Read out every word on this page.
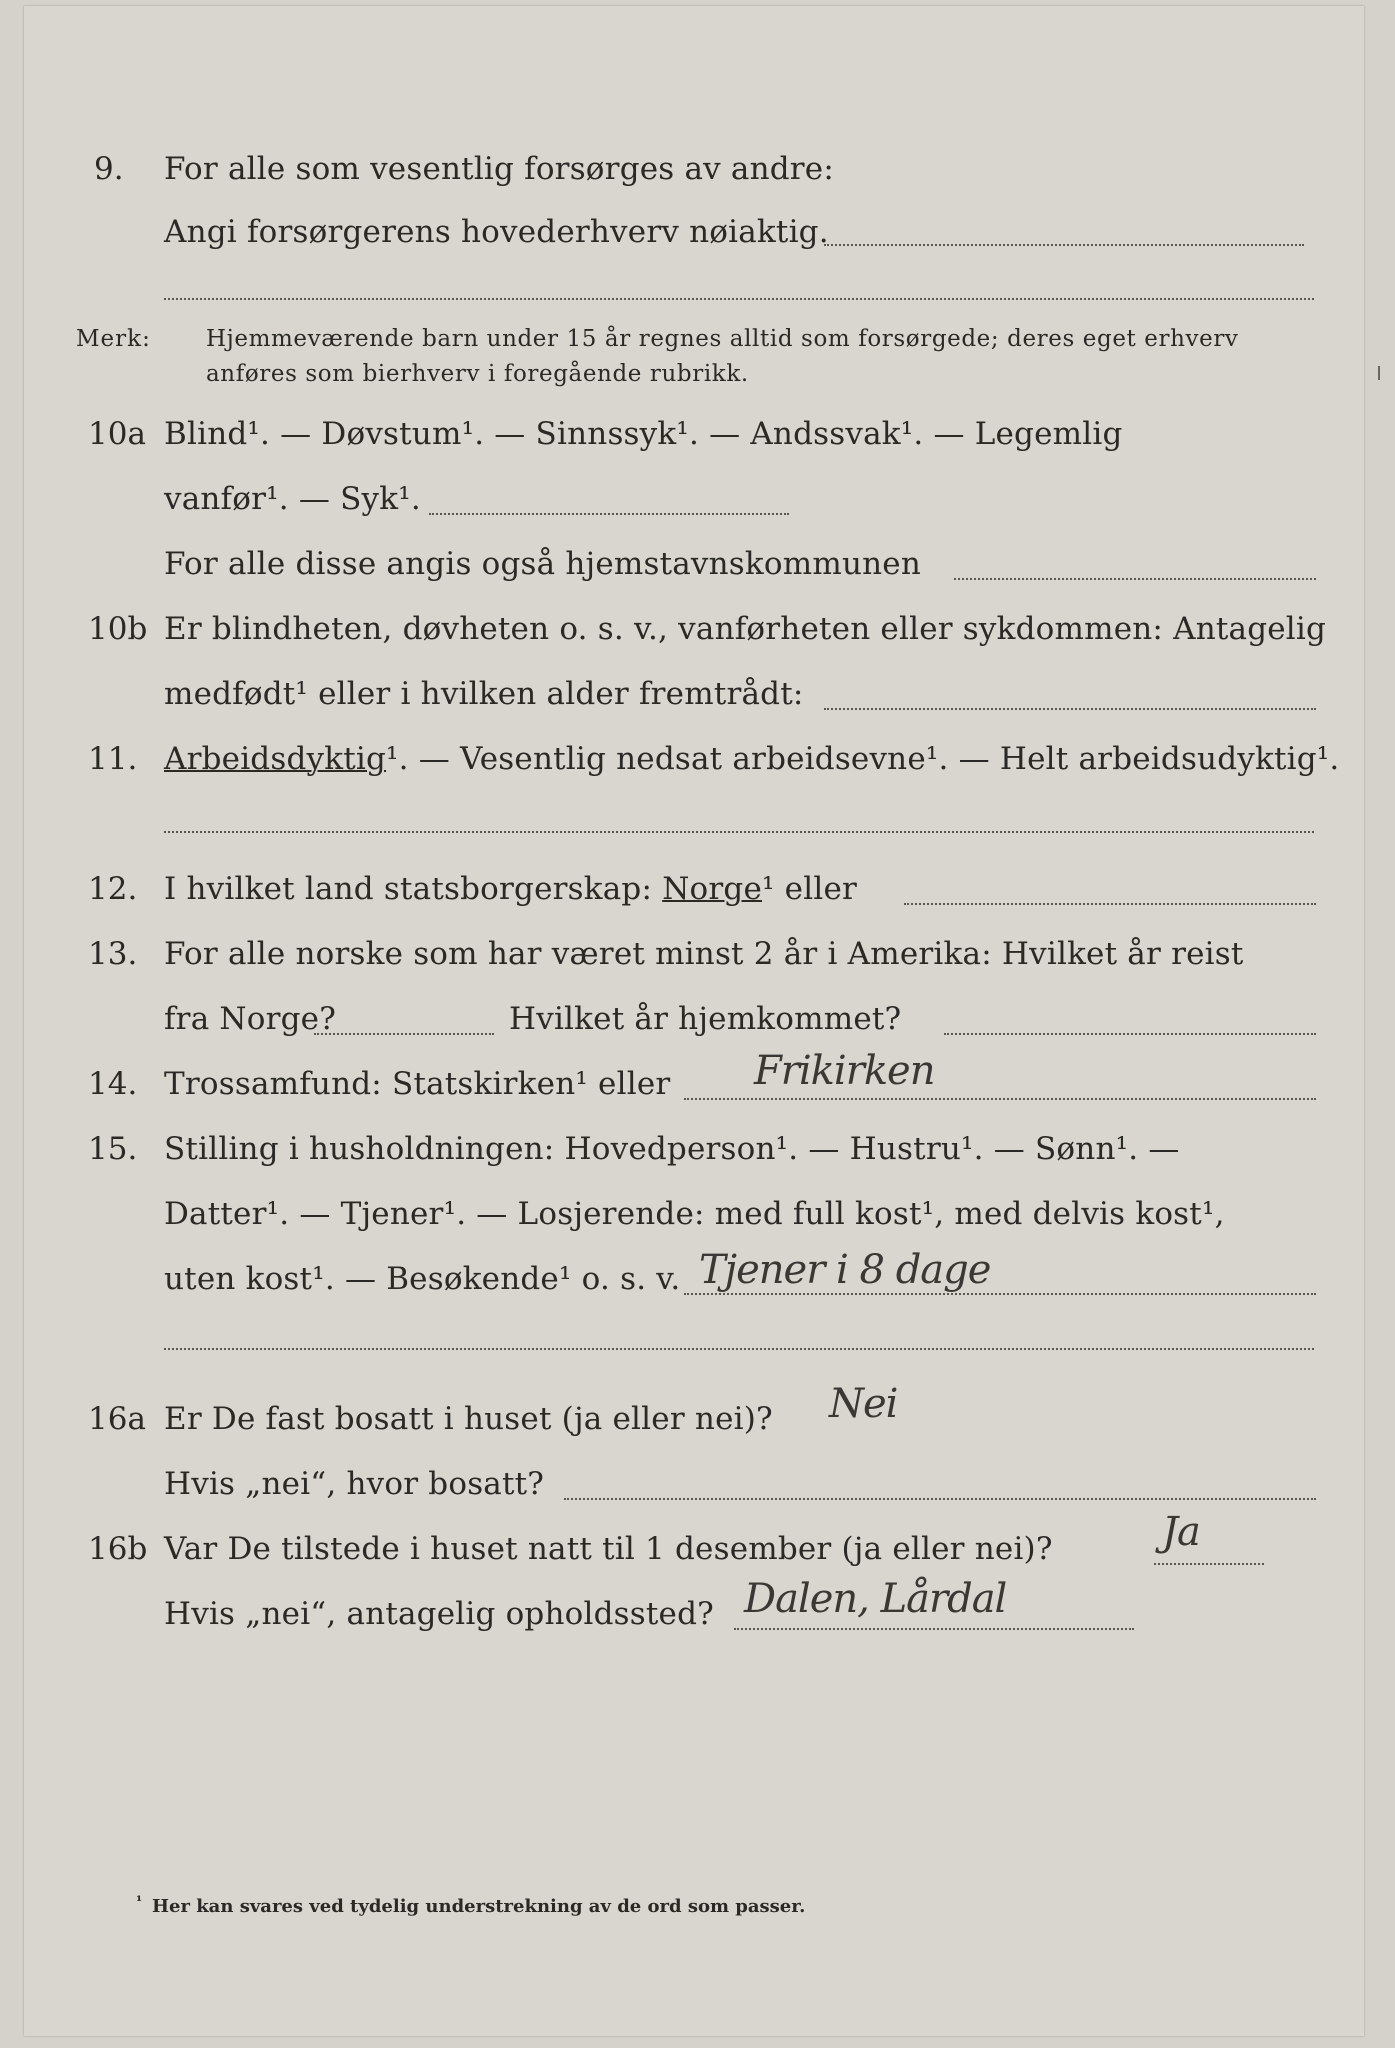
9. For alle som vesentlig forsørges av andre:
Angi forsørgerens hovederhverv nøiaktig.
Merk: Hjemmeværende barn under 15 år regnes alltid som forsørgede; deres eget erhverv
anføres som bierhverv i foregående rubrikk.
10a Blind¹. — Døvstum¹. — Sinnssyk¹. — Andssvak¹. — Legemlig
vanfør¹. — Syk¹.
For alle disse angis også hjemstavnskommunen
10b Er blindheten, døvheten o. s. v., vanførheten eller sykdommen: Antagelig
medfødt¹ eller i hvilken alder fremtrådt:
11. Arbeidsdyktig¹. — Vesentlig nedsat arbeidsevne¹. — Helt arbeidsudyktig¹.
12. I hvilket land statsborgerskap: Norge¹ eller
13. For alle norske som har været minst 2 år i Amerika: Hvilket år reist
fra Norge?	Hvilket år hjemkommet?
14. Trossamfund: Statskirken¹ eller Frikirken
15. Stilling i husholdningen: Hovedperson¹. — Hustru¹. — Sønn¹. —
Datter¹. — Tjener¹. — Losjerende: med full kost¹, med delvis kost¹,
uten kost¹. — Besøkende¹ o. s. v. Tjener i 8 dage
16a Er De fast bosatt i huset (ja eller nei)? Nei
Hvis „nei“, hvor bosatt?
16b Var De tilstede i huset natt til 1 desember (ja eller nei)?	Ja
Hvis „nei“, antagelig opholdssted? Dalen, Lårdal
¹ Her kan svares ved tydelig understrekning av de ord som passer.
